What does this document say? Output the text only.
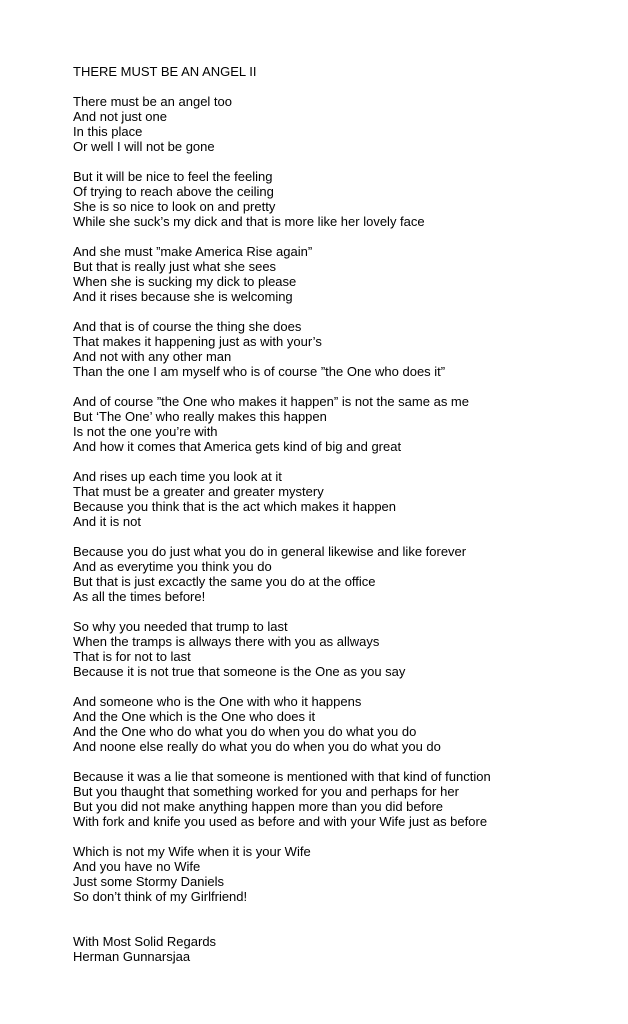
THERE MUST BE AN ANGEL II
There must be an angel too
And not just one
In this place
Or well I will not be gone
But it will be nice to feel the feeling
Of trying to reach above the ceiling
She is so nice to look on and pretty
While she suck’s my dick and that is more like her lovely face
And she must ”make America Rise again”
But that is really just what she sees
When she is sucking my dick to please
And it rises because she is welcoming
And that is of course the thing she does
That makes it happening just as with your’s
And not with any other man
Than the one I am myself who is of course ”the One who does it”
And of course ”the One who makes it happen” is not the same as me
But ‘The One’ who really makes this happen
Is not the one you’re with
And how it comes that America gets kind of big and great
And rises up each time you look at it
That must be a greater and greater mystery
Because you think that is the act which makes it happen
And it is not
Because you do just what you do in general likewise and like forever
And as everytime you think you do
But that is just excactly the same you do at the office
As all the times before!
So why you needed that trump to last
When the tramps is allways there with you as allways
That is for not to last
Because it is not true that someone is the One as you say
And someone who is the One with who it happens
And the One which is the One who does it
And the One who do what you do when you do what you do
And noone else really do what you do when you do what you do
Because it was a lie that someone is mentioned with that kind of function
But you thaught that something worked for you and perhaps for her
But you did not make anything happen more than you did before
With fork and knife you used as before and with your Wife just as before
Which is not my Wife when it is your Wife
And you have no Wife
Just some Stormy Daniels
So don’t think of my Girlfriend!
With Most Solid Regards
Herman Gunnarsjaa
